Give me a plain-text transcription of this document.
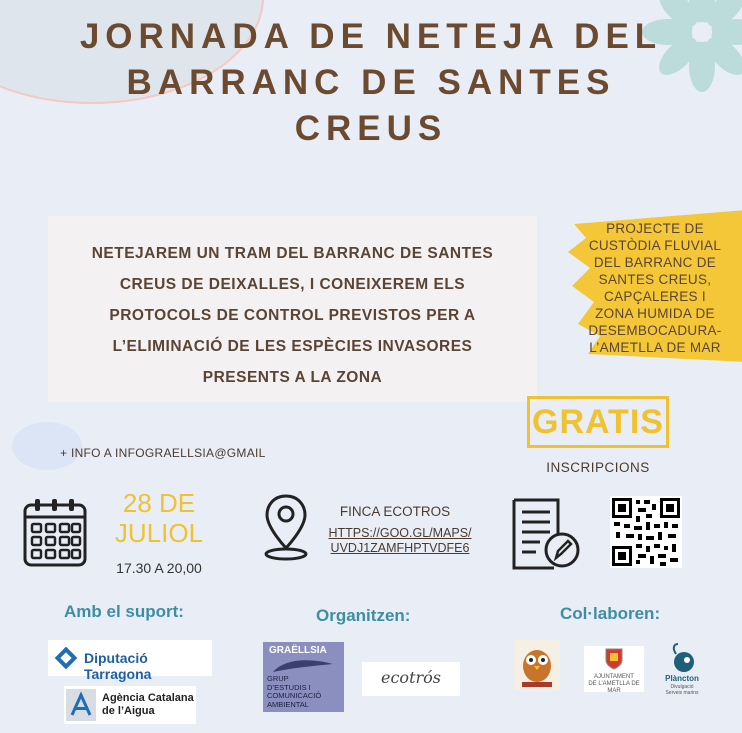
JORNADA DE NETEJA DEL
BARRANC DE SANTES
CREUS
NETEJAREM UN TRAM DEL BARRANC DE SANTES
CREUS DE DEIXALLES, I CONEIXEREM ELS
PROTOCOLS DE CONTROL PREVISTOS PER A
L’ELIMINACIÓ DE LES ESPÈCIES INVASORES
PRESENTS A LA ZONA
PROJECTE DE
CUSTÒDIA FLUVIAL
DEL BARRANC DE
SANTES CREUS,
CAPÇALERES I
ZONA HUMIDA DE
DESEMBOCADURA-
L’AMETLLA DE MAR
GRATIS
INSCRIPCIONS
+ INFO A INFOGRAELLSIA@GMAIL
28 DE
JULIOL
17.30 A 20,00
FINCA ECOTROS
HTTPS://GOO.GL/MAPS/UVDJ1ZAMFHPTVDFE6
Amb el suport:	Organitzen:	Col·laboren:
Diputació Tarragona
Agència Catalana
de l’Aigua
GRAËLLSIA
GRUP
D’ESTUDIS I
COMUNICACIÓ
AMBIENTAL
ecotrós	AJUNTAMENT
DE L’AMETLLA DE MAR
Plàncton
Divulgació
Serveis marins
